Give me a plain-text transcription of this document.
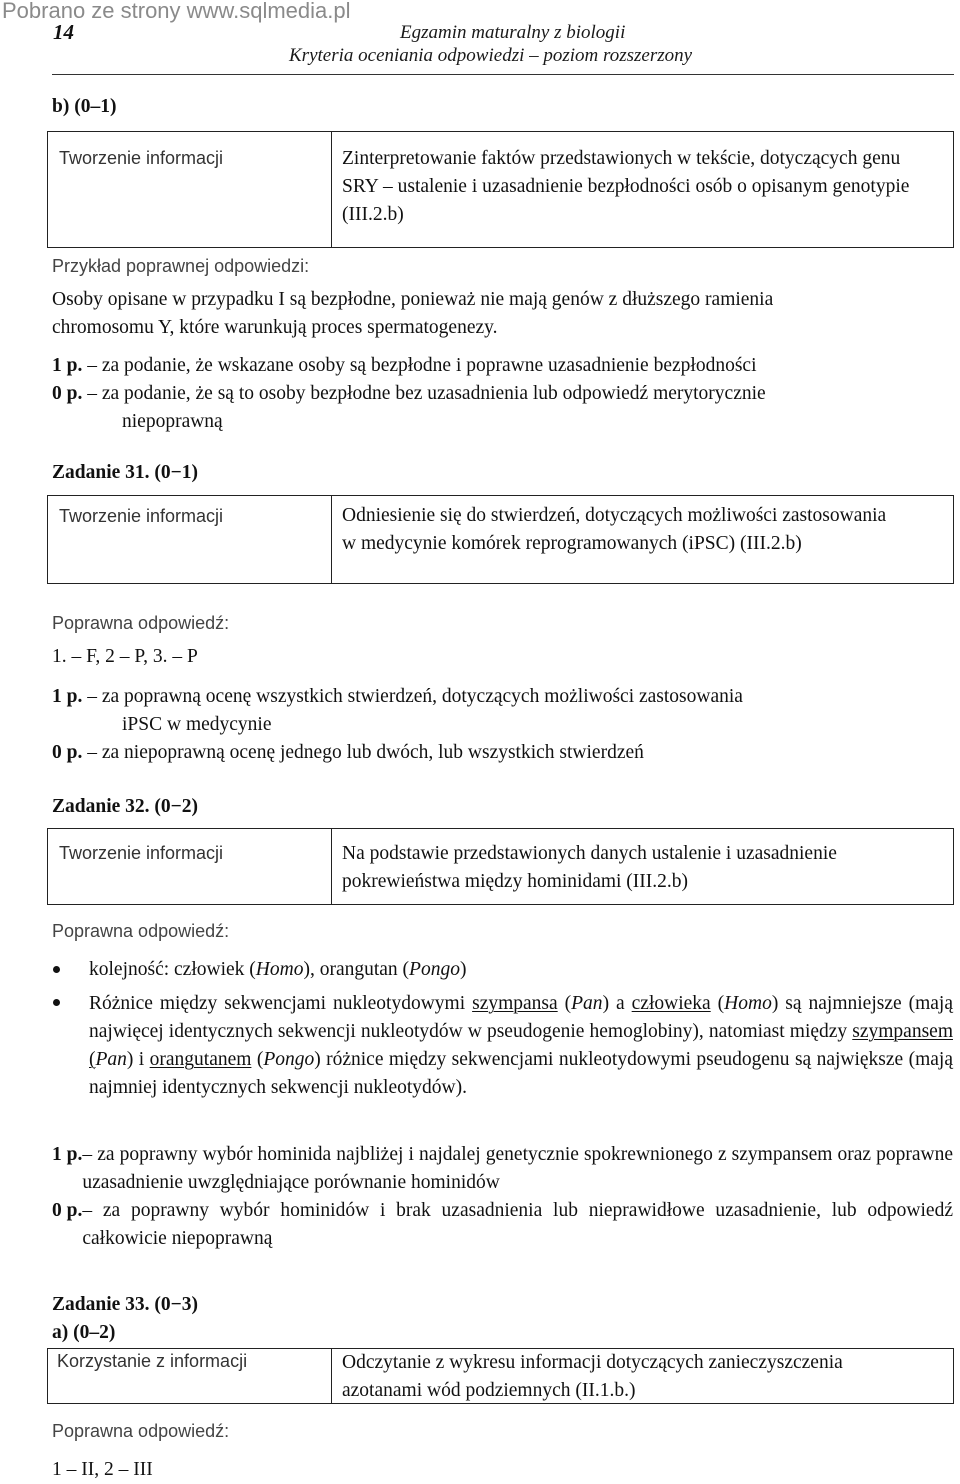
Pobrano ze strony www.sqlmedia.pl
14	Egzamin maturalny z biologii
Kryteria oceniania odpowiedzi – poziom rozszerzony
b) (0–1)
Tworzenie informacji	Zinterpretowanie faktów przedstawionych w tekście, dotyczących genu SRY – ustalenie i uzasadnienie bezpłodności osób o opisanym genotypie (III.2.b)
Przykład poprawnej odpowiedzi:
Osoby opisane w przypadku I są bezpłodne, ponieważ nie mają genów z dłuższego ramienia
chromosomu Y, które warunkują proces spermatogenezy.
1 p. – za podanie, że wskazane osoby są bezpłodne i poprawne uzasadnienie bezpłodności
0 p. – za podanie, że są to osoby bezpłodne bez uzasadnienia lub odpowiedź merytorycznie
niepoprawną
Zadanie 31. (0−1)
Tworzenie informacji	Odniesienie się do stwierdzeń, dotyczących możliwości zastosowania w medycynie komórek reprogramowanych (iPSC) (III.2.b)
Poprawna odpowiedź:
1. – F, 2 – P, 3. – P
1 p. – za poprawną ocenę wszystkich stwierdzeń, dotyczących możliwości zastosowania
iPSC w medycynie
0 p. – za niepoprawną ocenę jednego lub dwóch, lub wszystkich stwierdzeń
Zadanie 32. (0−2)
Tworzenie informacji	Na podstawie przedstawionych danych ustalenie i uzasadnienie pokrewieństwa między hominidami (III.2.b)
Poprawna odpowiedź:
kolejność: człowiek (Homo), orangutan (Pongo)
Różnice między sekwencjami nukleotydowymi szympansa (Pan) a człowieka (Homo) są najmniejsze (mają najwięcej identycznych sekwencji nukleotydów w pseudogenie hemoglobiny), natomiast między szympansem (Pan) i orangutanem (Pongo) różnice między sekwencjami nukleotydowymi pseudogenu są największe (mają najmniej identycznych sekwencji nukleotydów).
1 p. – za poprawny wybór hominida najbliżej i najdalej genetycznie spokrewnionego z szympansem oraz poprawne uzasadnienie uwzględniające porównanie hominidów
0 p. – za poprawny wybór hominidów i brak uzasadnienia lub nieprawidłowe uzasadnienie, lub odpowiedź całkowicie niepoprawną
Zadanie 33. (0−3)
a) (0–2)
Korzystanie z informacji	Odczytanie z wykresu informacji dotyczących zanieczyszczenia azotanami wód podziemnych (II.1.b.)
Poprawna odpowiedź:
1 – II, 2 – III
